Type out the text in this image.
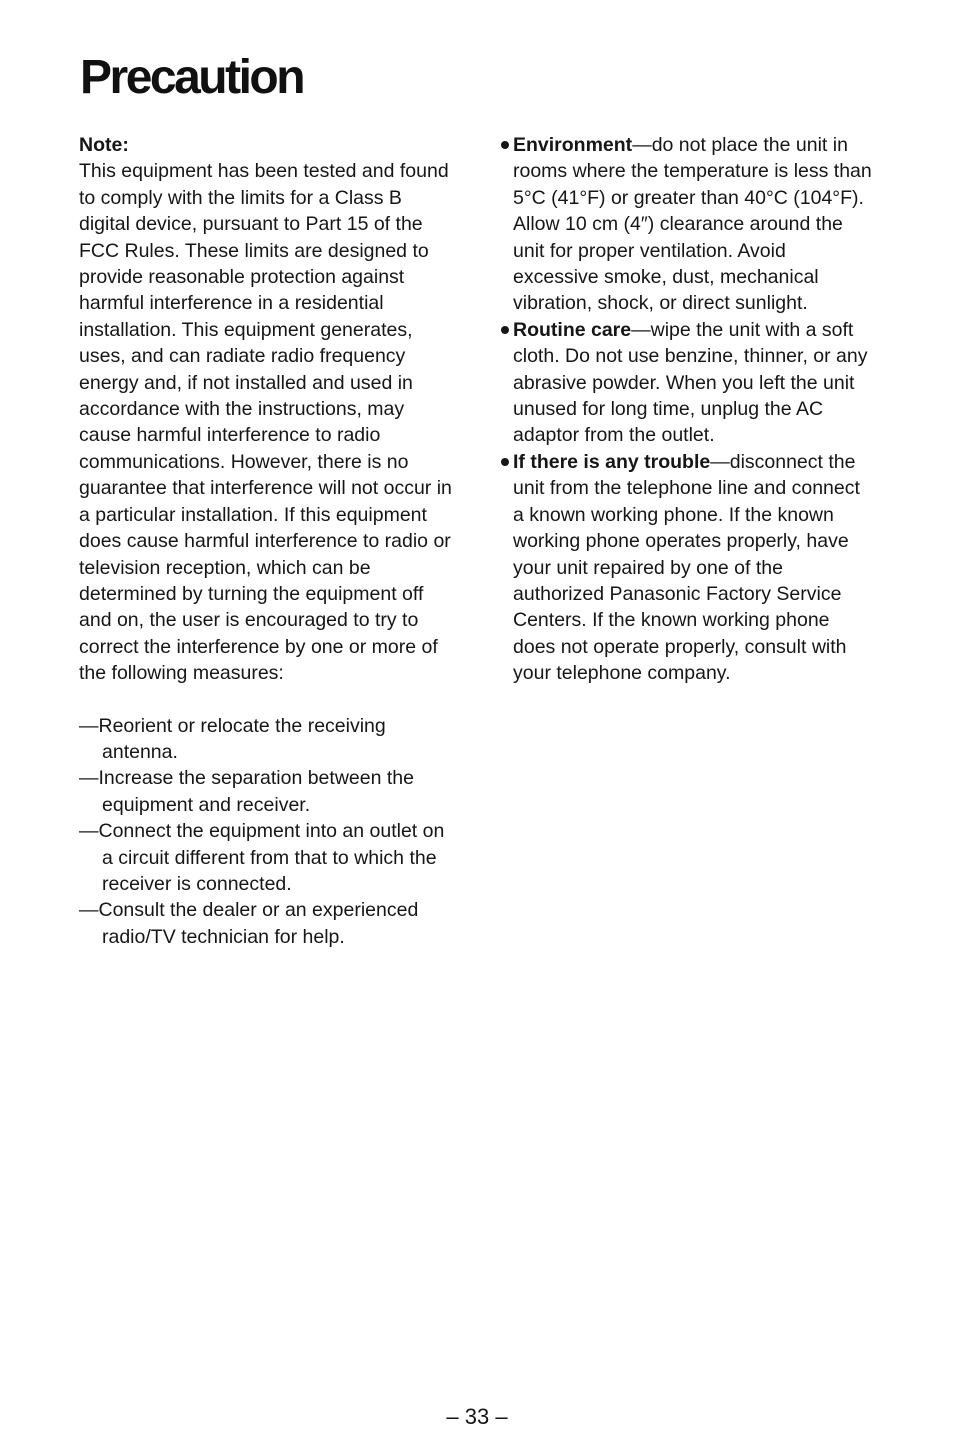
Precaution
Note:

This equipment has been tested and found to comply with the limits for a Class B digital device, pursuant to Part 15 of the FCC Rules. These limits are designed to provide reasonable protection against harmful interference in a residential installation. This equipment generates, uses, and can radiate radio frequency energy and, if not installed and used in accordance with the instructions, may cause harmful interference to radio communications. However, there is no guarantee that interference will not occur in a particular installation. If this equipment does cause harmful interference to radio or television reception, which can be determined by turning the equipment off and on, the user is encouraged to try to correct the interference by one or more of the following measures:

—Reorient or relocate the receiving antenna.
—Increase the separation between the equipment and receiver.
—Connect the equipment into an outlet on a circuit different from that to which the receiver is connected.
—Consult the dealer or an experienced radio/TV technician for help.
Environment—do not place the unit in rooms where the temperature is less than 5°C (41°F) or greater than 40°C (104°F). Allow 10 cm (4″) clearance around the unit for proper ventilation. Avoid excessive smoke, dust, mechanical vibration, shock, or direct sunlight.
Routine care—wipe the unit with a soft cloth. Do not use benzine, thinner, or any abrasive powder. When you left the unit unused for long time, unplug the AC adaptor from the outlet.
If there is any trouble—disconnect the unit from the telephone line and connect a known working phone. If the known working phone operates properly, have your unit repaired by one of the authorized Panasonic Factory Service Centers. If the known working phone does not operate properly, consult with your telephone company.
– 33 –
